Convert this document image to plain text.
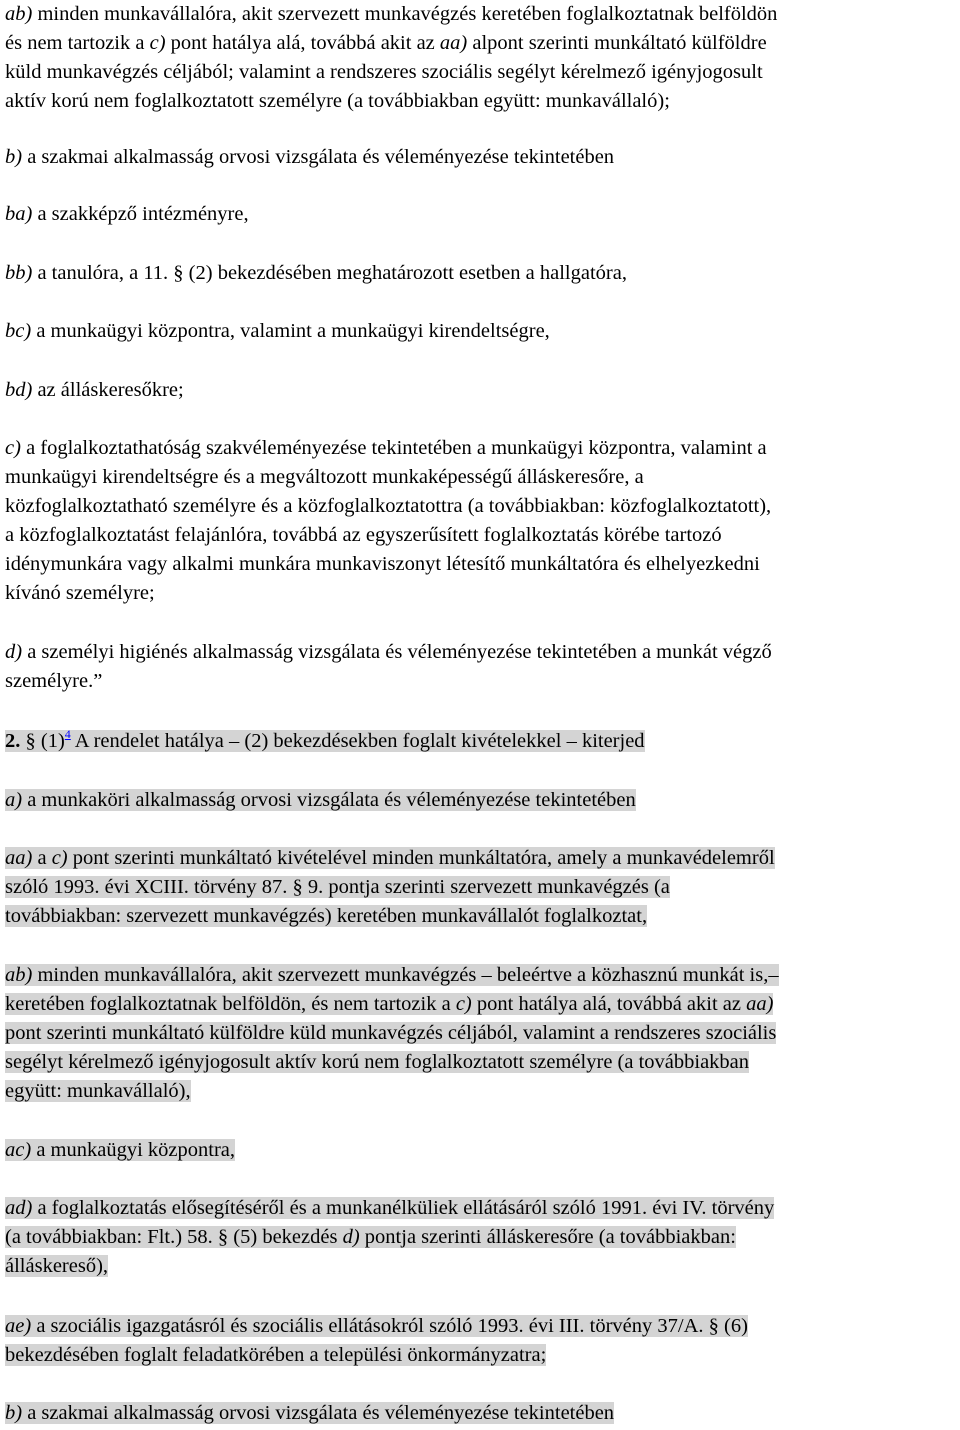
ab) minden munkavállalóra, akit szervezett munkavégzés keretében foglalkoztatnak belföldön
és nem tartozik a c) pont hatálya alá, továbbá akit az aa) alpont szerinti munkáltató külföldre
küld munkavégzés céljából; valamint a rendszeres szociális segélyt kérelmező igényjogosult
aktív korú nem foglalkoztatott személyre (a továbbiakban együtt: munkavállaló);
b) a szakmai alkalmasság orvosi vizsgálata és véleményezése tekintetében
ba) a szakképző intézményre,
bb) a tanulóra, a 11. § (2) bekezdésében meghatározott esetben a hallgatóra,
bc) a munkaügyi központra, valamint a munkaügyi kirendeltségre,
bd) az álláskeresőkre;
c) a foglalkoztathatóság szakvéleményezése tekintetében a munkaügyi központra, valamint a
munkaügyi kirendeltségre és a megváltozott munkaképességű álláskeresőre, a
közfoglalkoztatható személyre és a közfoglalkoztatottra (a továbbiakban: közfoglalkoztatott),
a közfoglalkoztatást felajánlóra, továbbá az egyszerűsített foglalkoztatás körébe tartozó
idénymunkára vagy alkalmi munkára munkaviszonyt létesítő munkáltatóra és elhelyezkedni
kívánó személyre;
d) a személyi higiénés alkalmasság vizsgálata és véleményezése tekintetében a munkát végző
személyre.”
2. § (1)$^4$ A rendelet hatálya – (2) bekezdésekben foglalt kivételekkel – kiterjed
a) a munkaköri alkalmasság orvosi vizsgálata és véleményezése tekintetében
aa) a c) pont szerinti munkáltató kivételével minden munkáltatóra, amely a munkavédelemről
szóló 1993. évi XCIII. törvény 87. § 9. pontja szerinti szervezett munkavégzés (a
továbbiakban: szervezett munkavégzés) keretében munkavállalót foglalkoztat,
ab) minden munkavállalóra, akit szervezett munkavégzés – beleértve a közhasznú munkát is,–
keretében foglalkoztatnak belföldön, és nem tartozik a c) pont hatálya alá, továbbá akit az aa)
pont szerinti munkáltató külföldre küld munkavégzés céljából, valamint a rendszeres szociális
segélyt kérelmező igényjogosult aktív korú nem foglalkoztatott személyre (a továbbiakban
együtt: munkavállaló),
ac) a munkaügyi központra,
ad) a foglalkoztatás elősegítéséről és a munkanélküliek ellátásáról szóló 1991. évi IV. törvény
(a továbbiakban: Flt.) 58. § (5) bekezdés d) pontja szerinti álláskeresőre (a továbbiakban:
álláskereső),
ae) a szociális igazgatásról és szociális ellátásokról szóló 1993. évi III. törvény 37/A. § (6)
bekezdésében foglalt feladatkörében a települési önkormányzatra;
b) a szakmai alkalmasság orvosi vizsgálata és véleményezése tekintetében
